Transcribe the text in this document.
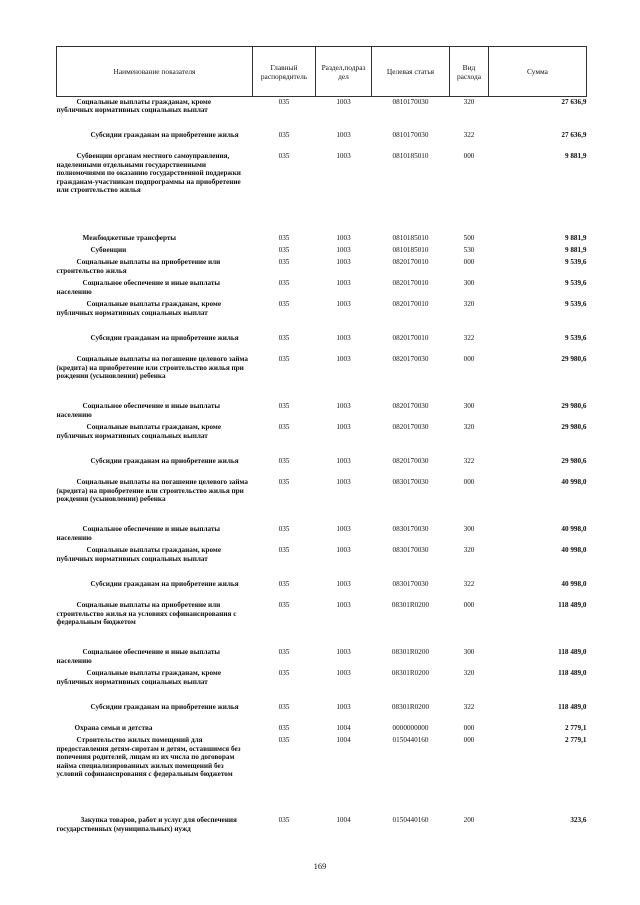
Наименование показателя	Главный распорядитель	Раздел,подраз дел	Целевая статья	Вид расхода	Сумма
Социальные выплаты гражданам, кроме публичных нормативных социальных выплат	035	1003	0810170030	320	27 636,9
Субсидии гражданам на приобретение жилья	035	1003	0810170030	322	27 636,9
Субвенции органам местного самоуправления, наделенными отдельными государственными полномочиями по оказанию государственной поддержки гражданам-участникам подпрограммы на приобретение или строительство жилья	035	1003	0810185010	000	9 881,9
Межбюджетные трансферты	035	1003	0810185010	500	9 881,9
Субвенции	035	1003	0810185010	530	9 881,9
Социальные выплаты на приобретение или строительство жилья	035	1003	0820170010	000	9 539,6
Социальное обеспечение и иные выплаты населению	035	1003	0820170010	300	9 539,6
Социальные выплаты гражданам, кроме публичных нормативных социальных выплат	035	1003	0820170010	320	9 539,6
Субсидии гражданам на приобретение жилья	035	1003	0820170010	322	9 539,6
Социальные выплаты на погашение целевого займа (кредита) на приобретение или строительство жилья при рождении (усыновлении) ребенка	035	1003	0820170030	000	29 980,6
Социальное обеспечение и иные выплаты населению	035	1003	0820170030	300	29 980,6
Социальные выплаты гражданам, кроме публичных нормативных социальных выплат	035	1003	0820170030	320	29 980,6
Субсидии гражданам на приобретение жилья	035	1003	0820170030	322	29 980,6
Социальные выплаты на погашение целевого займа (кредита) на приобретение или строительство жилья при рождении (усыновлении) ребенка	035	1003	0830170030	000	40 998,0
Социальное обеспечение и иные выплаты населению	035	1003	0830170030	300	40 998,0
Социальные выплаты гражданам, кроме публичных нормативных социальных выплат	035	1003	0830170030	320	40 998,0
Субсидии гражданам на приобретение жилья	035	1003	0830170030	322	40 998,0
Социальные выплаты на приобретение или строительство жилья на условиях софинансирования с федеральным бюджетом	035	1003	08301R0200	000	118 489,0
Социальное обеспечение и иные выплаты населению	035	1003	08301R0200	300	118 489,0
Социальные выплаты гражданам, кроме публичных нормативных социальных выплат	035	1003	08301R0200	320	118 489,0
Субсидии гражданам на приобретение жилья	035	1003	08301R0200	322	118 489,0
Охрана семьи и детства	035	1004	0000000000	000	2 779,1
Строительство жилых помещений для предоставления детям-сиротам и детям, оставшимся без попечения родителей, лицам из их числа по договорам найма специализированных жилых помещений без условий софинансирования с федеральным бюджетом	035	1004	0150440160	000	2 779,1
Закупка товаров, работ и услуг для обеспечения государственных (муниципальных) нужд	035	1004	0150440160	200	323,6
169
